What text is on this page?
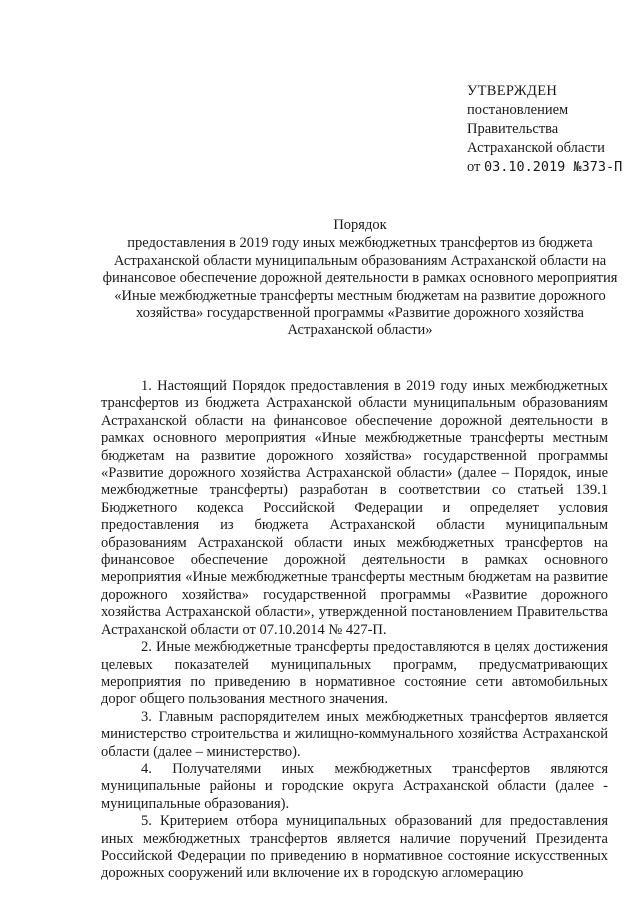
УТВЕРЖДЕН
постановлением
Правительства
Астраханской области
от 03.10.2019 №373-П
Порядок
предоставления в 2019 году иных межбюджетных трансфертов из бюджета Астраханской области муниципальным образованиям Астраханской области на финансовое обеспечение дорожной деятельности в рамках основного мероприятия «Иные межбюджетные трансферты местным бюджетам на развитие дорожного хозяйства» государственной программы «Развитие дорожного хозяйства Астраханской области»

1. Настоящий Порядок предоставления в 2019 году иных межбюджетных трансфертов из бюджета Астраханской области муниципальным образованиям Астраханской области на финансовое обеспечение дорожной деятельности в рамках основного мероприятия «Иные межбюджетные трансферты местным бюджетам на развитие дорожного хозяйства» государственной программы «Развитие дорожного хозяйства Астраханской области» (далее – Порядок, иные межбюджетные трансферты) разработан в соответствии со статьей 139.1 Бюджетного кодекса Российской Федерации и определяет условия предоставления из бюджета Астраханской области муниципальным образованиям Астраханской области иных межбюджетных трансфертов на финансовое обеспечение дорожной деятельности в рамках основного мероприятия «Иные межбюджетные трансферты местным бюджетам на развитие дорожного хозяйства» государственной программы «Развитие дорожного хозяйства Астраханской области», утвержденной постановлением Правительства Астраханской области от 07.10.2014 № 427-П.

2. Иные межбюджетные трансферты предоставляются в целях достижения целевых показателей муниципальных программ, предусматривающих мероприятия по приведению в нормативное состояние сети автомобильных дорог общего пользования местного значения.

3. Главным распорядителем иных межбюджетных трансфертов является министерство строительства и жилищно-коммунального хозяйства Астраханской области (далее – министерство).

4. Получателями иных межбюджетных трансфертов являются муниципальные районы и городские округа Астраханской области (далее - муниципальные образования).

5. Критерием отбора муниципальных образований для предоставления иных межбюджетных трансфертов является наличие поручений Президента Российской Федерации по приведению в нормативное состояние искусственных дорожных сооружений или включение их в городскую агломерацию
